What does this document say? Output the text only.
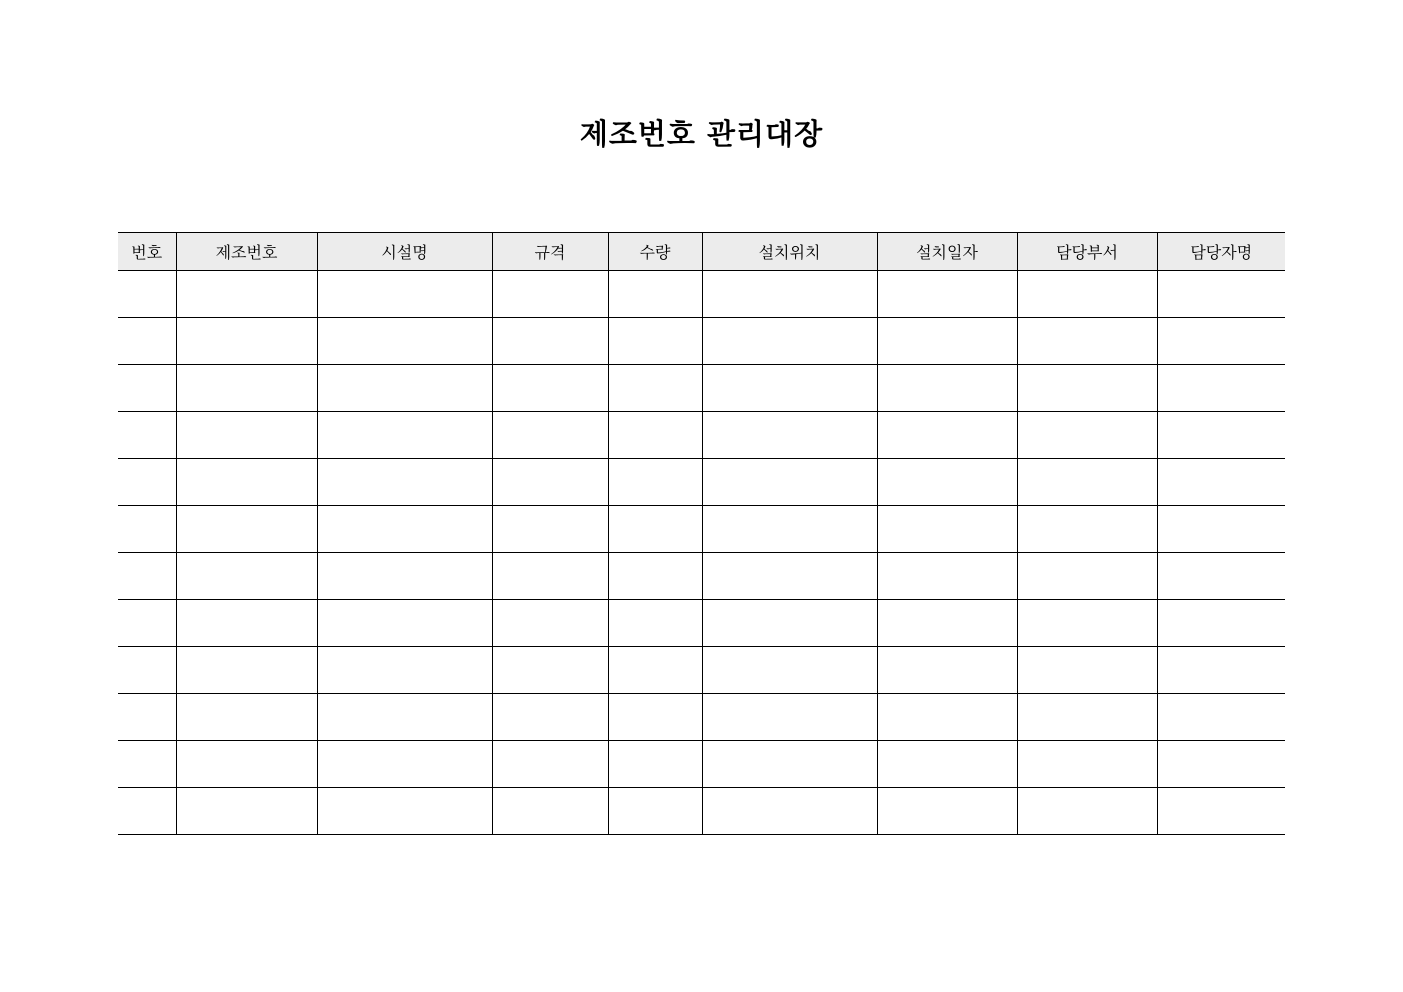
제조번호 관리대장
번호	제조번호	시설명	규격	수량	설치위치	설치일자	담당부서	담당자명
